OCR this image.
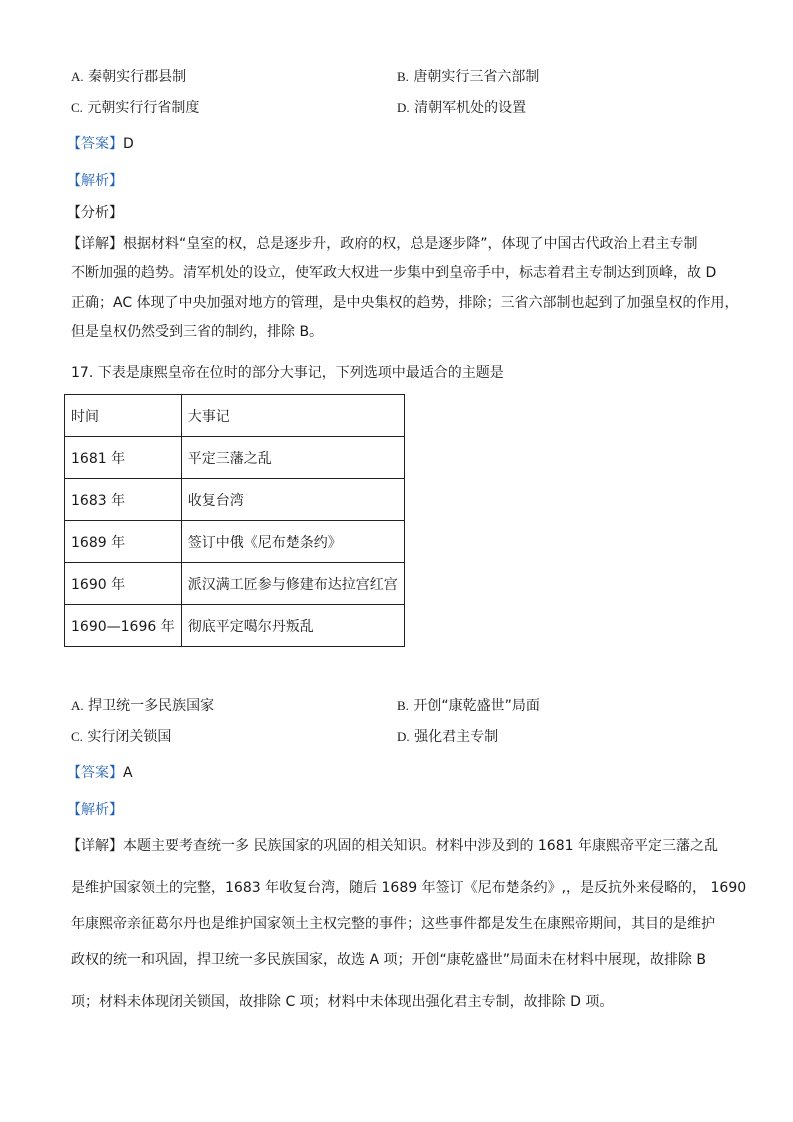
A. 秦朝实行郡县制	B. 唐朝实行三省六部制
C. 元朝实行行省制度	D. 清朝军机处的设置
【答案】D
【解析】
【分析】
【详解】根据材料“皇室的权，总是逐步升，政府的权，总是逐步降”，体现了中国古代政治上君主专制
不断加强的趋势。清军机处的设立，使军政大权进一步集中到皇帝手中，标志着君主专制达到顶峰，故 D
正确；AC 体现了中央加强对地方的管理，是中央集权的趋势，排除；三省六部制也起到了加强皇权的作用，
但是皇权仍然受到三省的制约，排除 B。
17. 下表是康熙皇帝在位时的部分大事记，下列选项中最适合的主题是
时间	大事记
1681 年	平定三藩之乱
1683 年	收复台湾
1689 年	签订中俄《尼布楚条约》
1690 年	派汉满工匠参与修建布达拉宫红宫
1690—1696 年	彻底平定噶尔丹叛乱
A. 捍卫统一多民族国家	B. 开创“康乾盛世”局面
C. 实行闭关锁国	D. 强化君主专制
【答案】A
【解析】
【详解】本题主要考查统一多 民族国家的巩固的相关知识。材料中涉及到的 1681 年康熙帝平定三藩之乱
是维护国家领土的完整，1683 年收复台湾，随后 1689 年签订《尼布楚条约》,，是反抗外来侵略的， 1690
年康熙帝亲征葛尔丹也是维护国家领土主权完整的事件；这些事件都是发生在康熙帝期间，其目的是维护
政权的统一和巩固，捍卫统一多民族国家，故选 A 项；开创“康乾盛世”局面未在材料中展现，故排除 B
项；材料未体现闭关锁国，故排除 C 项；材料中未体现出强化君主专制，故排除 D 项。
